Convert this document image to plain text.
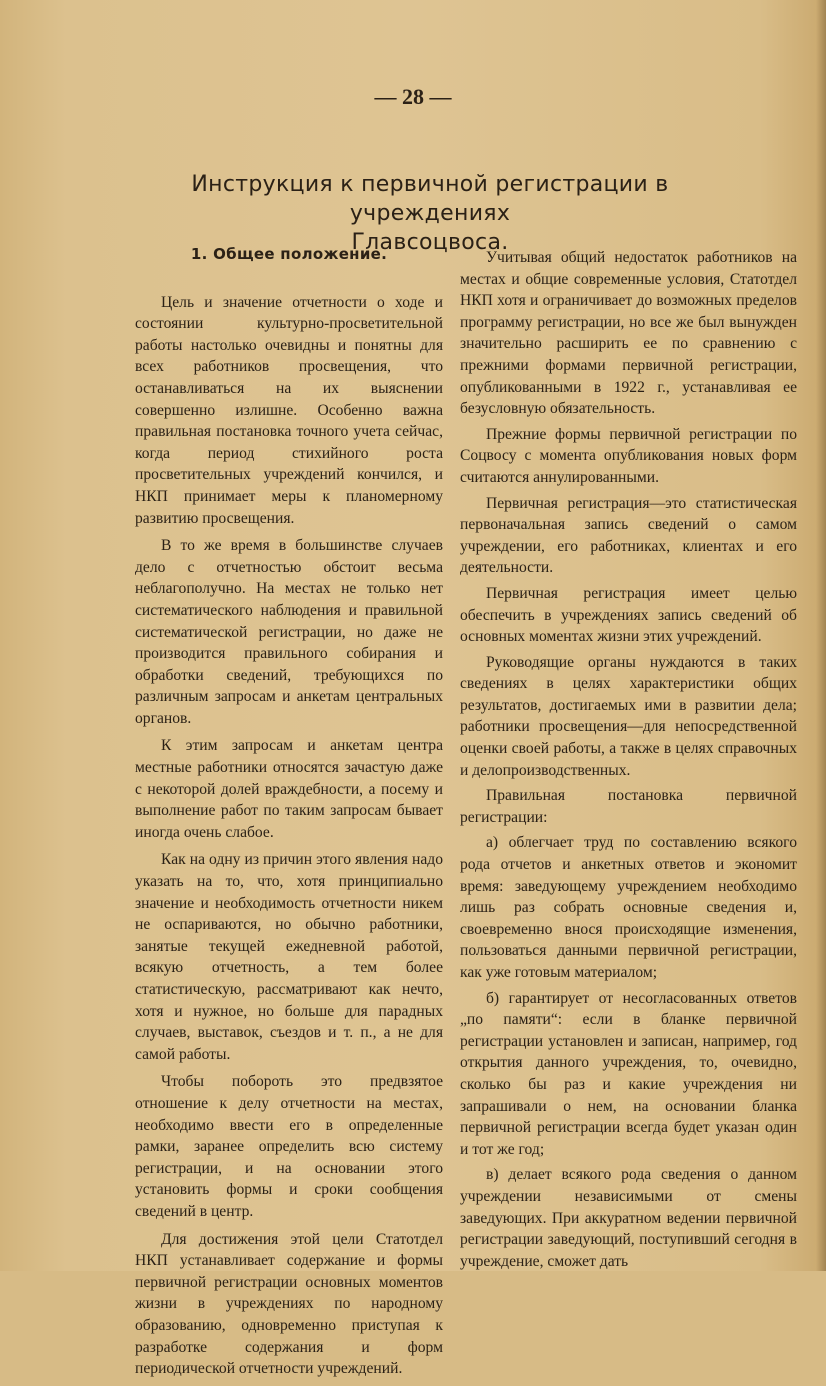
— 28 —
Инструкция к первичной регистрации в учреждениях
Главсоцвоса.
1. Общее положение.

Цель и значение отчетности о ходе и состоянии культурно-просветительной работы настолько очевидны и понятны для всех работников просвещения, что останавливаться на их выяснении совершенно излишне. Особенно важна правильная постановка точного учета сейчас, когда период стихийного роста просветительных учреждений кончился, и НКП принимает меры к планомерному развитию просвещения.

В то же время в большинстве случаев дело с отчетностью обстоит весьма неблагополучно. На местах не только нет систематического наблюдения и правильной систематической регистрации, но даже не производится правильного собирания и обработки сведений, требующихся по различным запросам и анкетам центральных органов.

К этим запросам и анкетам центра местные работники относятся зачастую даже с некоторой долей враждебности, а посему и выполнение работ по таким запросам бывает иногда очень слабое.

Как на одну из причин этого явления надо указать на то, что, хотя принципиально значение и необходимость отчетности никем не оспариваются, но обычно работники, занятые текущей ежедневной работой, всякую отчетность, а тем более статистическую, рассматривают как нечто, хотя и нужное, но больше для парадных случаев, выставок, съездов и т. п., а не для самой работы.

Чтобы побороть это предвзятое отношение к делу отчетности на местах, необходимо ввести его в определенные рамки, заранее определить всю систему регистрации, и на основании этого установить формы и сроки сообщения сведений в центр.

Для достижения этой цели Статотдел НКП устанавливает содержание и формы первичной регистрации основных моментов жизни в учреждениях по народному образованию, одновременно приступая к разработке содержания и форм периодической отчетности учреждений.

Учитывая общий недостаток работников на местах и общие современные условия, Статотдел НКП хотя и ограничивает до возможных пределов программу регистрации, но все же был вынужден значительно расширить ее по сравнению с прежними формами первичной регистрации, опубликованными в 1922 г., устанавливая ее безусловную обязательность.

Прежние формы первичной регистрации по Соцвосу с момента опубликования новых форм считаются аннулированными.

Первичная регистрация—это статистическая первоначальная запись сведений о самом учреждении, его работниках, клиентах и его деятельности.

Первичная регистрация имеет целью обеспечить в учреждениях запись сведений об основных моментах жизни этих учреждений.

Руководящие органы нуждаются в таких сведениях в целях характеристики общих результатов, достигаемых ими в развитии дела; работники просвещения—для непосредственной оценки своей работы, а также в целях справочных и делопроизводственных.

Правильная постановка первичной регистрации:

а) облегчает труд по составлению всякого рода отчетов и анкетных ответов и экономит время: заведующему учреждением необходимо лишь раз собрать основные сведения и, своевременно внося происходящие изменения, пользоваться данными первичной регистрации, как уже готовым материалом;

б) гарантирует от несогласованных ответов „по памяти“: если в бланке первичной регистрации установлен и записан, например, год открытия данного учреждения, то, очевидно, сколько бы раз и какие учреждения ни запрашивали о нем, на основании бланка первичной регистрации всегда будет указан один и тот же год;

в) делает всякого рода сведения о данном учреждении независимыми от смены заведующих. При аккуратном ведении первичной регистрации заведующий, поступивший сегодня в учреждение, сможет дать
